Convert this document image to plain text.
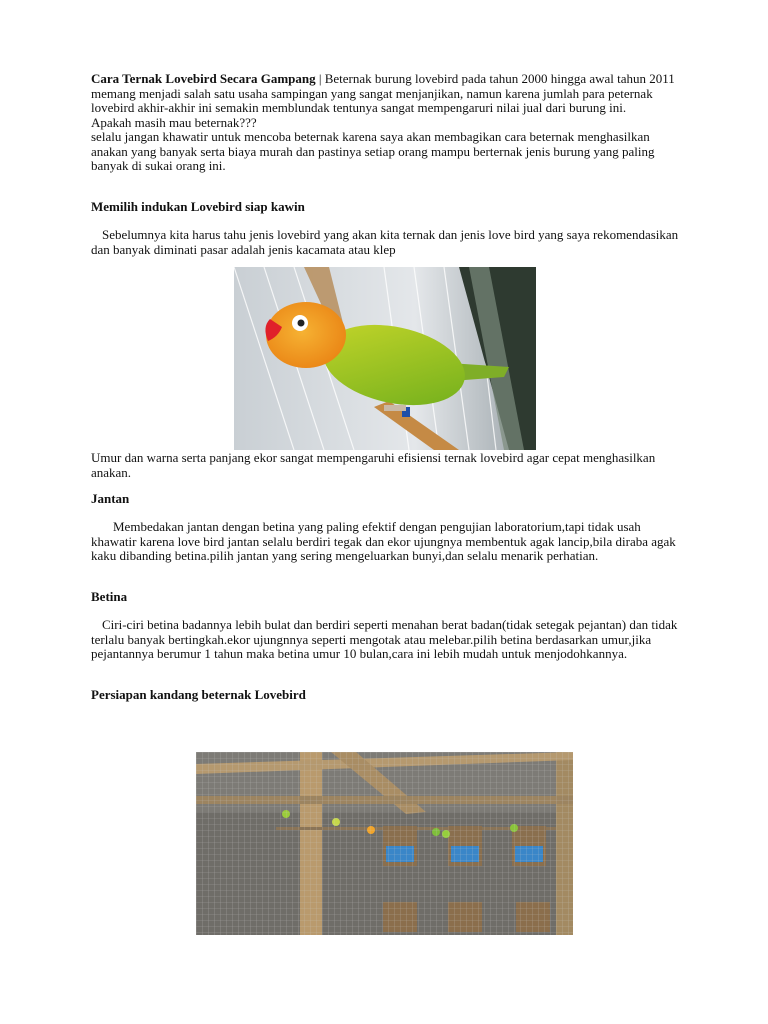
Cara Ternak Lovebird Secara Gampang | Beternak burung lovebird pada tahun 2000 hingga awal tahun 2011 memang menjadi salah satu usaha sampingan yang sangat menjanjikan, namun karena jumlah para peternak lovebird akhir-akhir ini semakin memblundak tentunya sangat mempengaruri nilai jual dari burung ini.
Apakah masih mau beternak???
selalu jangan khawatir untuk mencoba beternak karena saya akan membagikan cara beternak menghasilkan anakan yang banyak serta biaya murah dan pastinya setiap orang mampu berternak jenis burung yang paling banyak di sukai orang ini.

Memilih indukan Lovebird siap kawin

Sebelumnya kita harus tahu jenis lovebird yang akan kita ternak dan jenis love bird yang saya rekomendasikan dan banyak diminati pasar adalah jenis kacamata atau klep

Umur dan warna serta panjang ekor sangat mempengaruhi efisiensi ternak lovebird agar cepat menghasilkan anakan.

Jantan

Membedakan jantan dengan betina yang paling efektif dengan pengujian laboratorium,tapi tidak usah khawatir karena love bird jantan selalu berdiri tegak dan ekor ujungnya membentuk agak lancip,bila diraba agak kaku dibanding betina.pilih jantan yang sering mengeluarkan bunyi,dan selalu menarik perhatian.

Betina

Ciri-ciri betina badannya lebih bulat dan berdiri seperti menahan berat badan(tidak setegak pejantan) dan tidak terlalu banyak bertingkah.ekor ujungnnya seperti mengotak atau melebar.pilih betina berdasarkan umur,jika pejantannya berumur 1 tahun maka betina umur 10 bulan,cara ini lebih mudah untuk menjodohkannya.

Persiapan kandang beternak Lovebird
